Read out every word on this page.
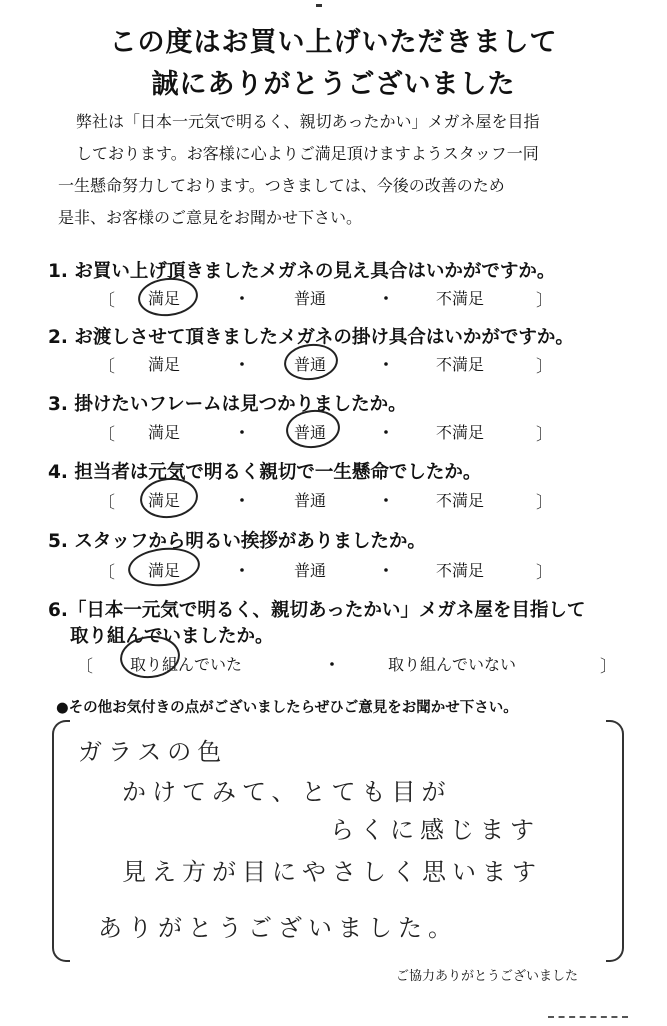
この度はお買い上げいただきまして
誠にありがとうございました

弊社は「日本一元気で明るく、親切あったかい」メガネ屋を目指

しております。お客様に心よりご満足頂けますようスタッフ一同

一生懸命努力しております。つきましては、今後の改善のため

是非、お客様のご意見をお聞かせ下さい。

1. お買い上げ頂きましたメガネの見え具合はいかがですか。
〔 満足	・	普通	・	不満足	〕
2. お渡しさせて頂きましたメガネの掛け具合はいかがですか。
〔 満足	・	普通	・	不満足	〕
3. 掛けたいフレームは見つかりましたか。
〔 満足	・	普通	・	不満足	〕
4. 担当者は元気で明るく親切で一生懸命でしたか。
〔 満足	・	普通	・	不満足	〕
5. スタッフから明るい挨拶がありましたか。
〔 満足	・	普通	・	不満足	〕
6.「日本一元気で明るく、親切あったかい」メガネ屋を目指して
取り組んでいましたか。
〔 取り組んでいた	・	取り組んでいない	〕
●その他お気付きの点がございましたらぜひご意見をお聞かせ下さい。
ガラスの色
かけてみて、とても目が
らくに感じます
見え方が目にやさしく思います
ありがとうございました。
ご協力ありがとうございました
